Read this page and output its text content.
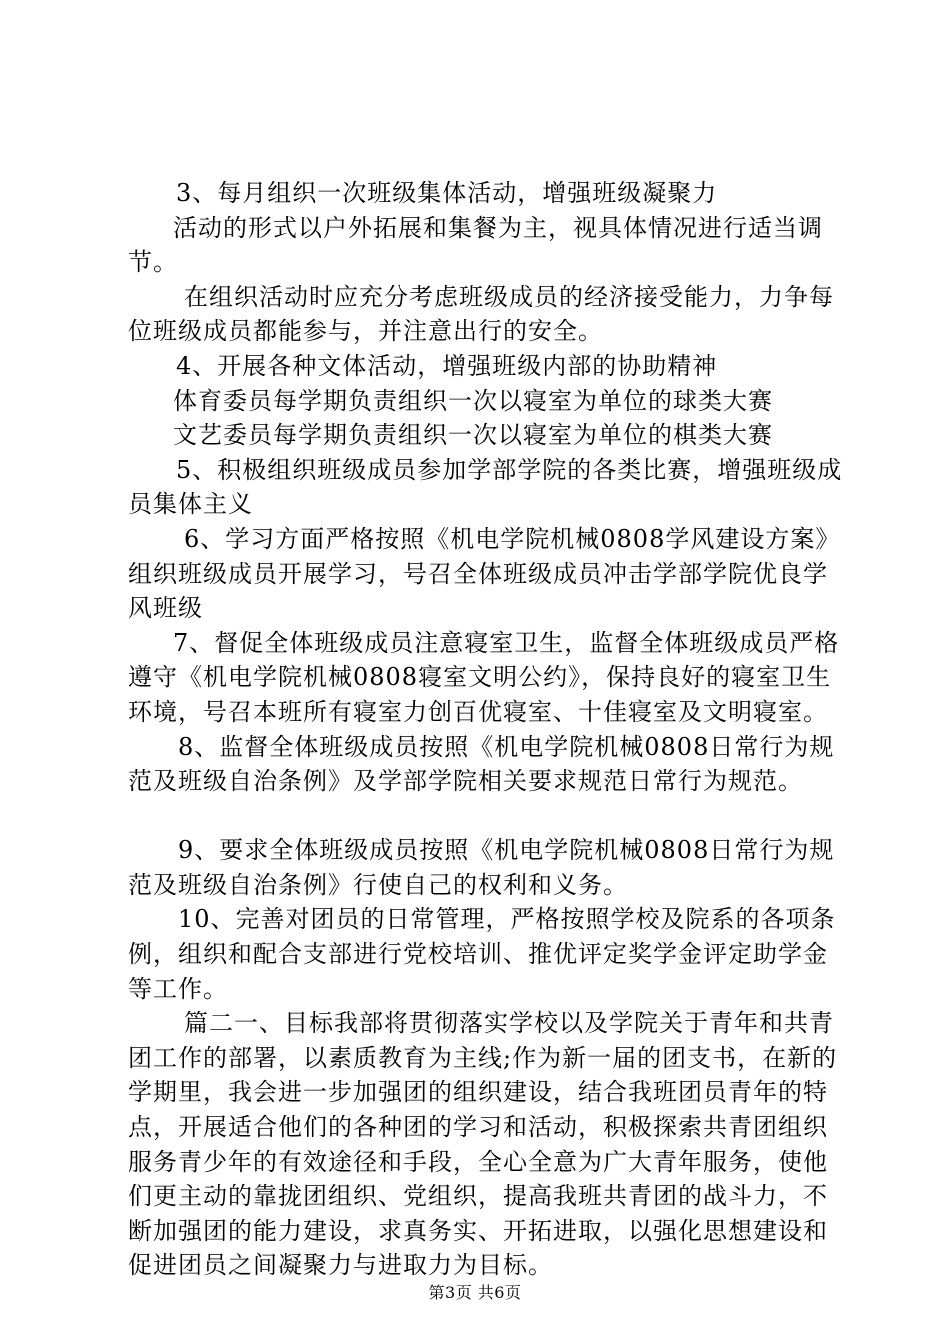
3、每月组织一次班级集体活动，增强班级凝聚力

活动的形式以户外拓展和集餐为主，视具体情况进行适当调节。

在组织活动时应充分考虑班级成员的经济接受能力，力争每位班级成员都能参与，并注意出行的安全。

4、开展各种文体活动，增强班级内部的协助精神

体育委员每学期负责组织一次以寝室为单位的球类大赛

文艺委员每学期负责组织一次以寝室为单位的棋类大赛

5、积极组织班级成员参加学部学院的各类比赛，增强班级成员集体主义

6、学习方面严格按照《机电学院机械0808学风建设方案》组织班级成员开展学习，号召全体班级成员冲击学部学院优良学风班级

7、督促全体班级成员注意寝室卫生，监督全体班级成员严格遵守《机电学院机械0808寝室文明公约》，保持良好的寝室卫生环境，号召本班所有寝室力创百优寝室、十佳寝室及文明寝室。

8、监督全体班级成员按照《机电学院机械0808日常行为规范及班级自治条例》及学部学院相关要求规范日常行为规范。

9、要求全体班级成员按照《机电学院机械0808日常行为规范及班级自治条例》行使自己的权利和义务。

10、完善对团员的日常管理，严格按照学校及院系的各项条例，组织和配合支部进行党校培训、推优评定奖学金评定助学金等工作。

篇二一、目标我部将贯彻落实学校以及学院关于青年和共青团工作的部署，以素质教育为主线;作为新一届的团支书，在新的学期里，我会进一步加强团的组织建设，结合我班团员青年的特点，开展适合他们的各种团的学习和活动，积极探索共青团组织服务青少年的有效途径和手段，全心全意为广大青年服务，使他们更主动的靠拢团组织、党组织，提高我班共青团的战斗力，不断加强团的能力建设，求真务实、开拓进取，以强化思想建设和促进团员之间凝聚力与进取力为目标。

第3页 共6页
